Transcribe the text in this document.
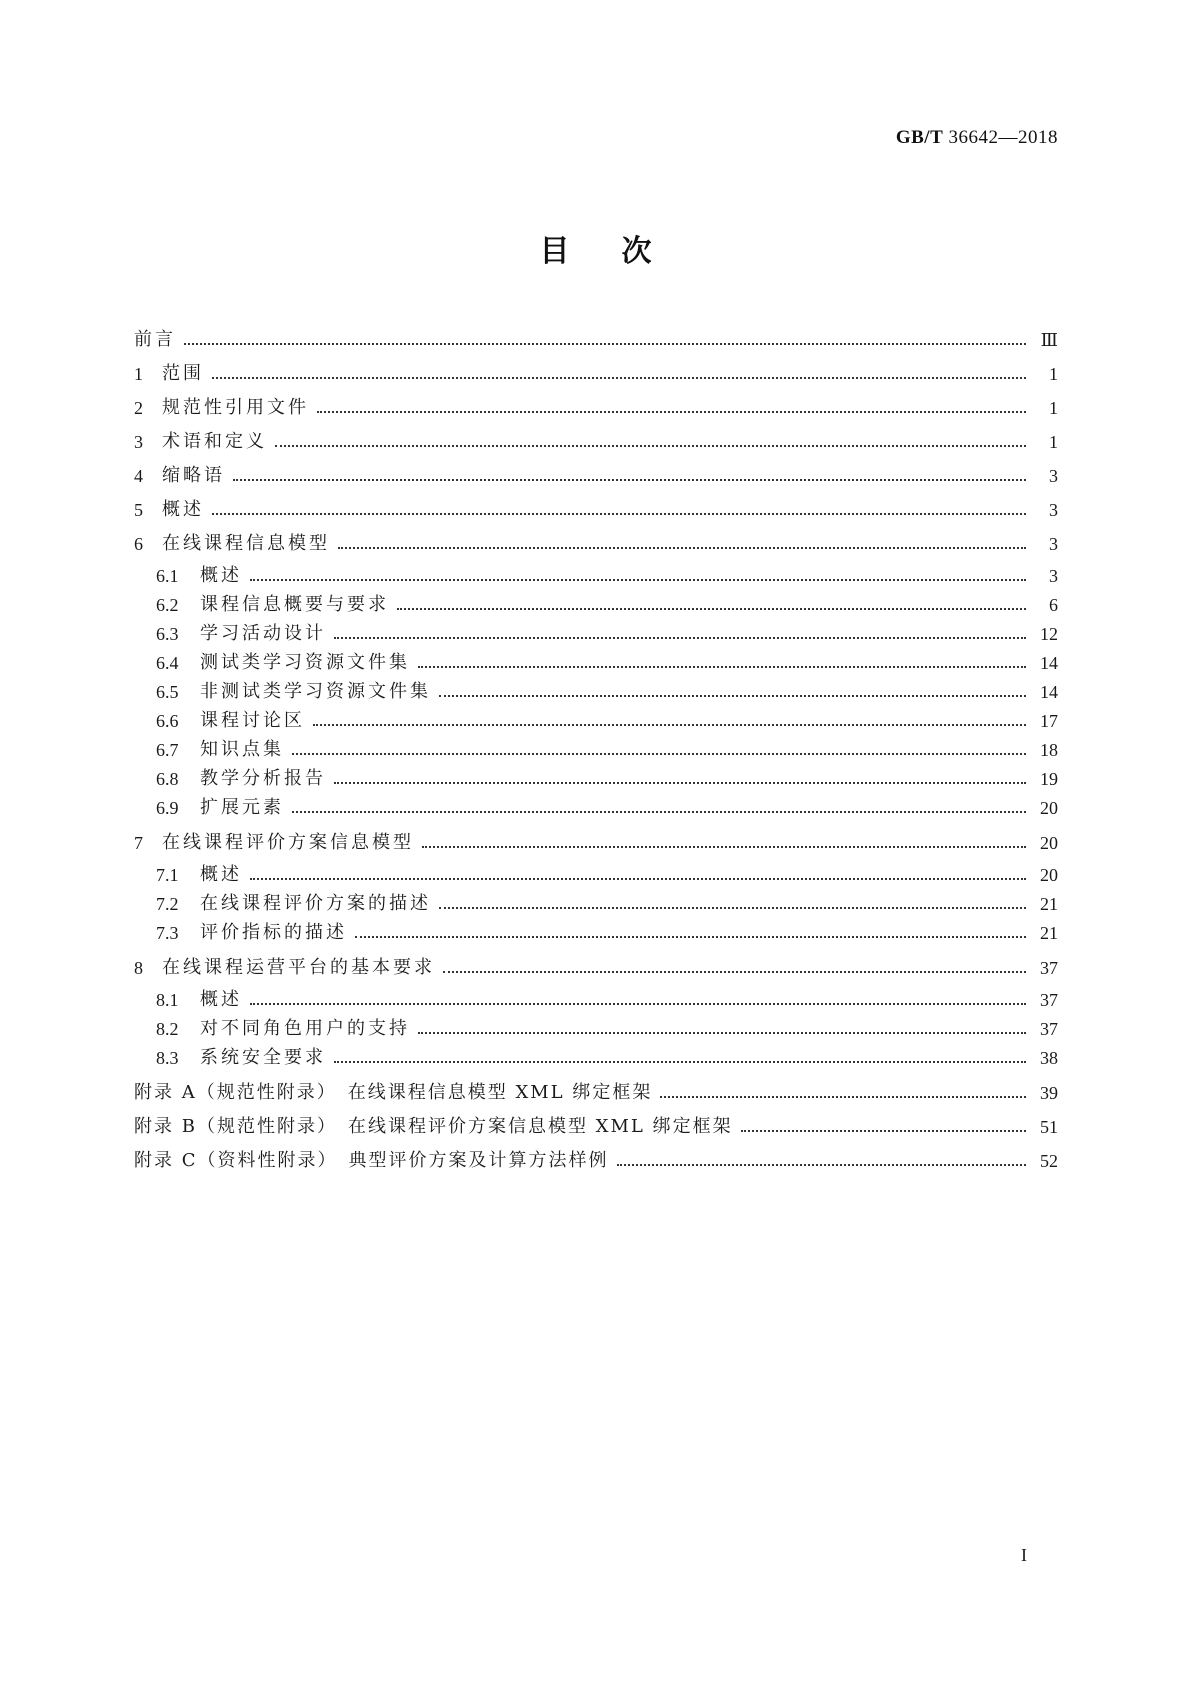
GB/T 36642—2018
目次
前言	Ⅲ
1	范围	1
2	规范性引用文件	1
3	术语和定义	1
4	缩略语	3
5	概述	3
6	在线课程信息模型	3
6.1	概述	3
6.2	课程信息概要与要求	6
6.3	学习活动设计	12
6.4	测试类学习资源文件集	14
6.5	非测试类学习资源文件集	14
6.6	课程讨论区	17
6.7	知识点集	18
6.8	教学分析报告	19
6.9	扩展元素	20
7	在线课程评价方案信息模型	20
7.1	概述	20
7.2	在线课程评价方案的描述	21
7.3	评价指标的描述	21
8	在线课程运营平台的基本要求	37
8.1	概述	37
8.2	对不同角色用户的支持	37
8.3	系统安全要求	38
附录 A（规范性附录）　在线课程信息模型 XML 绑定框架	39
附录 B（规范性附录）　在线课程评价方案信息模型 XML 绑定框架	51
附录 C（资料性附录）　典型评价方案及计算方法样例	52
I
